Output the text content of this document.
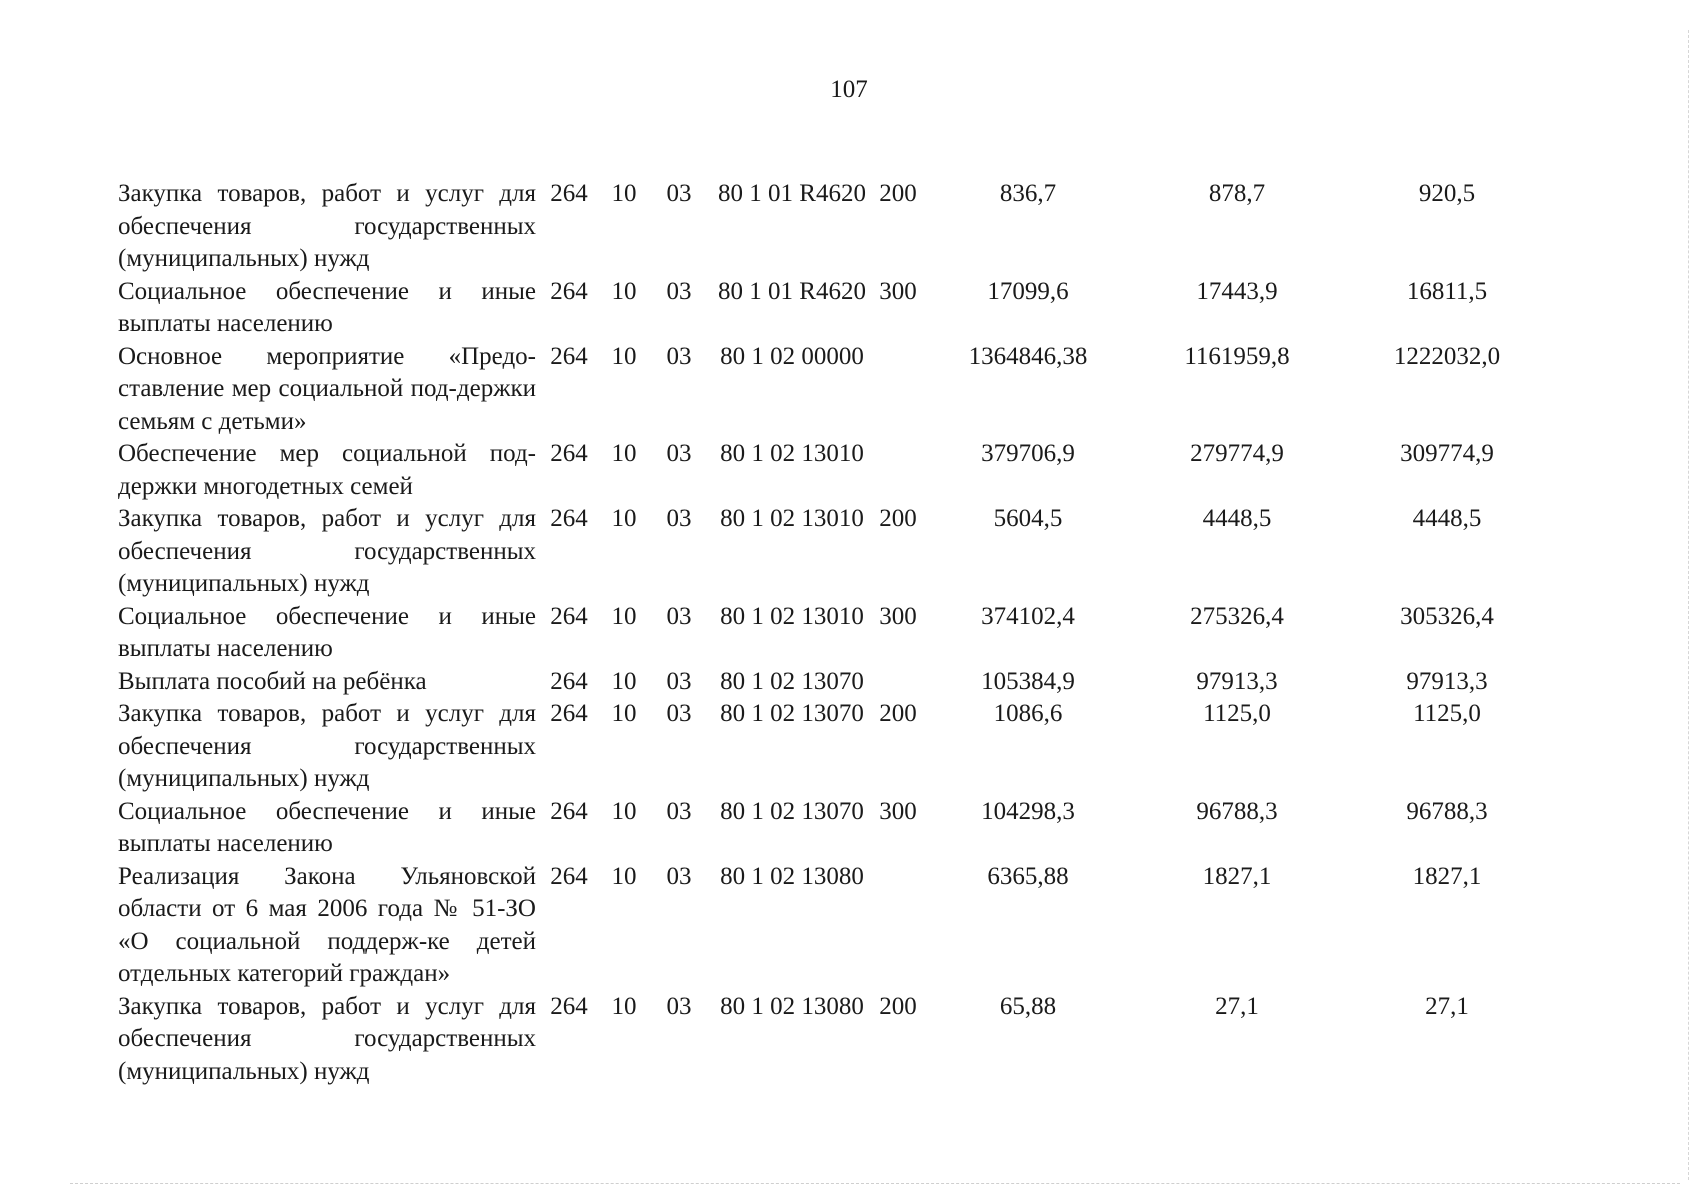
107
Закупка товаров, работ и услуг для обеспечения государственных (муниципальных) нужд	264	10	03	80 1 01 R4620	200	836,7	878,7	920,5
Социальное обеспечение и иные выплаты населению	264	10	03	80 1 01 R4620	300	17099,6	17443,9	16811,5
Основное мероприятие «Предо-ставление мер социальной под-держки семьям с детьми»	264	10	03	80 1 02 00000		1364846,38	1161959,8	1222032,0
Обеспечение мер социальной под-держки многодетных семей	264	10	03	80 1 02 13010		379706,9	279774,9	309774,9
Закупка товаров, работ и услуг для обеспечения государственных (муниципальных) нужд	264	10	03	80 1 02 13010	200	5604,5	4448,5	4448,5
Социальное обеспечение и иные выплаты населению	264	10	03	80 1 02 13010	300	374102,4	275326,4	305326,4
Выплата пособий на ребёнка	264	10	03	80 1 02 13070		105384,9	97913,3	97913,3
Закупка товаров, работ и услуг для обеспечения государственных (муниципальных) нужд	264	10	03	80 1 02 13070	200	1086,6	1125,0	1125,0
Социальное обеспечение и иные выплаты населению	264	10	03	80 1 02 13070	300	104298,3	96788,3	96788,3
Реализация Закона Ульяновской области от 6 мая 2006 года № 51-ЗО «О социальной поддерж-ке детей отдельных категорий граждан»	264	10	03	80 1 02 13080		6365,88	1827,1	1827,1
Закупка товаров, работ и услуг для обеспечения государственных (муниципальных) нужд	264	10	03	80 1 02 13080	200	65,88	27,1	27,1
